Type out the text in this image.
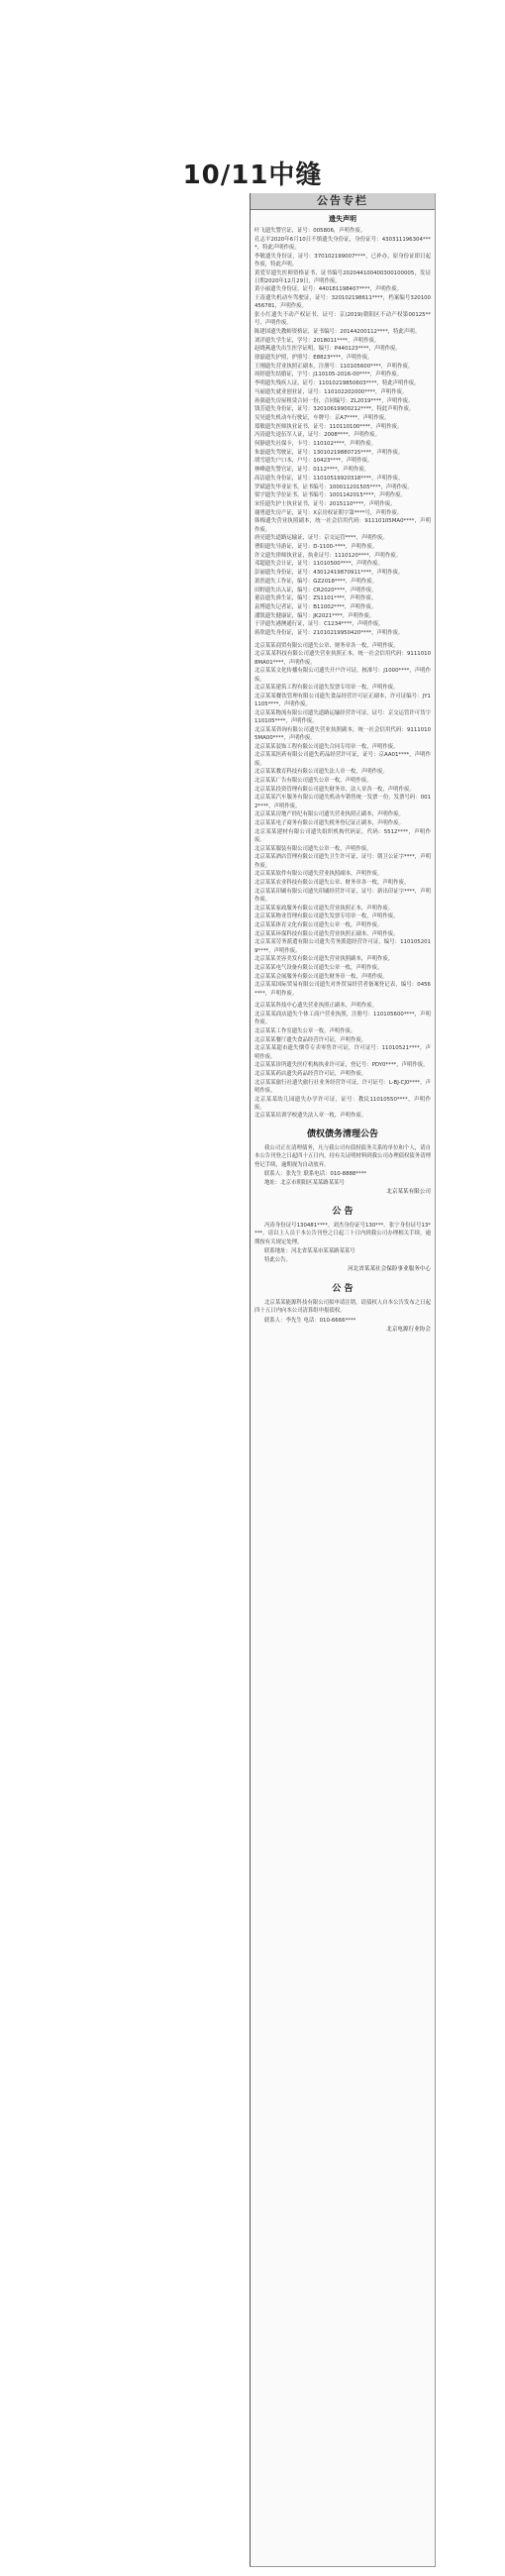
10/11中缝
公告专栏
遗失声明
叶飞遗失警官证，证号：005806，声明作废。
孔志平2020年6月10日不慎遗失身份证，身份证号：430311196304****，特此声明作废。
李敏遗失身份证，证号：370102199007****，已补办，原身份证即日起作废，特此声明。
黄爱军遗失医师资格证书，证书编号202044100400300100005，发证日期2020年12月29日，声明作废。
黄小丽遗失身份证，证号：440181198407****，声明作废。
王涛遗失机动车驾驶证，证号：320102198611****，档案编号320100456781，声明作废。
张小红遗失不动产权证书，证号：京(2019)朝阳区不动产权第00125**号，声明作废。
陈建国遗失教师资格证，证书编号：20144200112****，特此声明。
刘洋遗失学生证，学号：2018011****，声明作废。
赵晓燕遗失出生医学证明，编号：P440123****，声明作废。
徐磊遗失护照，护照号：E8823****，声明作废。
王刚遗失营业执照正副本，注册号：110105600****，声明作废。
周婷遗失结婚证，字号：J110105-2016-00****，声明作废。
李明遗失残疾人证，证号：11010219850603****，特此声明作废。
马丽遗失就业创业证，证号：110102202000****，声明作废。
孙强遗失房屋租赁合同一份，合同编号：ZL2019****，声明作废。
钱芳遗失身份证，证号：32010619900212****，特此声明作废。
吴昊遗失机动车行驶证，车牌号：京A7****，声明作废。
郑敏遗失医师执业证书，证号：110110100****，声明作废。
冯涛遗失退伍军人证，证号：2008****，声明作废。
何静遗失社保卡，卡号：110102****，声明作废。
朱磊遗失驾驶证，证号：13010219880715****，声明作废。
胡雪遗失户口本，户号：10423****，声明作废。
林峰遗失警官证，证号：0112****，声明作废。
高洁遗失身份证，证号：11010519920318****，声明作废。
罗斌遗失毕业证书，证书编号：100011201505****，声明作废。
梁宇遗失学位证书，证书编号：1001142015****，声明作废。
宋佳遗失护士执业证书，证号：2015110****，声明作废。
谢勇遗失房产证，证号：X京房权证朝字第****号，声明作废。
韩梅遗失营业执照副本，统一社会信用代码：91110105MA0****，声明作废。
唐亮遗失道路运输证，证号：京交运管****，声明作废。
曹阳遗失导游证，证号：D-1100-****，声明作废。
许文遗失律师执业证，执业证号：1110120****，声明作废。
邓超遗失会计证，证号：11010500****，声明作废。
彭丽遗失身份证，证号：43012419870911****，声明作废。
萧然遗失工作证，编号：GZ2018****，声明作废。
田野遗失出入证，编号：CR2020****，声明作废。
董洁遗失准生证，编号：ZS1101****，声明作废。
袁博遗失记者证，证号：B11002****，声明作废。
潘凯遗失健康证，编号：JK2021****，声明作废。
于洋遗失港澳通行证，证号：C1234****，声明作废。
蒋欣遗失身份证，证号：21010219950420****，声明作废。
北京某某商贸有限公司遗失公章、财务章各一枚，声明作废。
北京某某科技有限公司遗失营业执照正本，统一社会信用代码：91110108MA01****，声明作废。
北京某某文化传播有限公司遗失开户许可证，核准号：J1000****，声明作废。
北京某某建筑工程有限公司遗失发票专用章一枚，声明作废。
北京某某餐饮管理有限公司遗失食品经营许可证正副本，许可证编号：JY11105****，声明作废。
北京某某物流有限公司遗失道路运输经营许可证，证号：京交运管许可货字110105****，声明作废。
北京某某咨询有限公司遗失营业执照副本，统一社会信用代码：91110105MA00****，声明作废。
北京某某装饰工程有限公司遗失合同专用章一枚，声明作废。
北京某某医药有限公司遗失药品经营许可证，证号：京AA01****，声明作废。
北京某某教育科技有限公司遗失法人章一枚，声明作废。
北京某某广告有限公司遗失公章一枚，声明作废。
北京某某投资管理有限公司遗失财务章、法人章各一枚，声明作废。
北京某某汽车服务有限公司遗失机动车销售统一发票一份，发票号码：0012****，声明作废。
北京某某房地产经纪有限公司遗失营业执照正副本，声明作废。
北京某某电子商务有限公司遗失税务登记证正副本，声明作废。
北京某某建材有限公司遗失组织机构代码证，代码：5512****，声明作废。
北京某某服装有限公司遗失公章一枚，声明作废。
北京某某酒店管理有限公司遗失卫生许可证，证号：朝卫公证字****，声明作废。
北京某某软件有限公司遗失营业执照副本，声明作废。
北京某某农业科技有限公司遗失公章、财务章各一枚，声明作废。
北京某某印刷有限公司遗失印刷经营许可证，证号：新出印证字****，声明作废。
北京某某家政服务有限公司遗失营业执照正本，声明作废。
北京某某物业管理有限公司遗失发票专用章一枚，声明作废。
北京某某体育文化有限公司遗失公章一枚，声明作废。
北京某某环保科技有限公司遗失营业执照正副本，声明作废。
北京某某劳务派遣有限公司遗失劳务派遣经营许可证，编号：1101052019****，声明作废。
北京某某美容美发有限公司遗失营业执照副本，声明作废。
北京某某电气设备有限公司遗失公章一枚，声明作废。
北京某某会展服务有限公司遗失财务章一枚，声明作废。
北京某某国际贸易有限公司遗失对外贸易经营者备案登记表，编号：0456****，声明作废。
北京某某科技中心遗失营业执照正副本，声明作废。
北京某某商店遗失个体工商户营业执照，注册号：110105600****，声明作废。
北京某某工作室遗失公章一枚，声明作废。
北京某某餐厅遗失食品经营许可证，声明作废。
北京某某超市遗失烟草专卖零售许可证，许可证号：11010521****，声明作废。
北京某某诊所遗失医疗机构执业许可证，登记号：PDY0****，声明作废。
北京某某药店遗失药品经营许可证，声明作废。
北京某某旅行社遗失旅行社业务经营许可证，许可证号：L-BJ-CJ0****，声明作废。
北京某某幼儿园遗失办学许可证，证号：教民11010550****，声明作废。
北京某某培训学校遗失法人章一枚，声明作废。
债权债务清理公告
我公司正在清理债务，凡与我公司有债权债务关系的单位和个人，请自本公告刊登之日起四十五日内，持有关证明材料到我公司办理债权债务清理登记手续，逾期视为自动放弃。
联系人：张先生 联系电话：010-8888****
地址：北京市朝阳区某某路某某号
北京某某有限公司
公 告
冯涛身份证号130481****。刘杰身份证号130***。张宁身份证号13****。请以上人员于本公告刊登之日起三十日内到我公司办理相关手续，逾期按有关规定处理。
联系地址：河北省某某市某某路某某号
特此公告。
河北省某某社会保险事业服务中心
公 告
北京某某能源科技有限公司拟申请注销，请债权人自本公告发布之日起四十五日内向本公司清算组申报债权。
联系人：李先生 电话：010-6666****
北京电源行业协会
